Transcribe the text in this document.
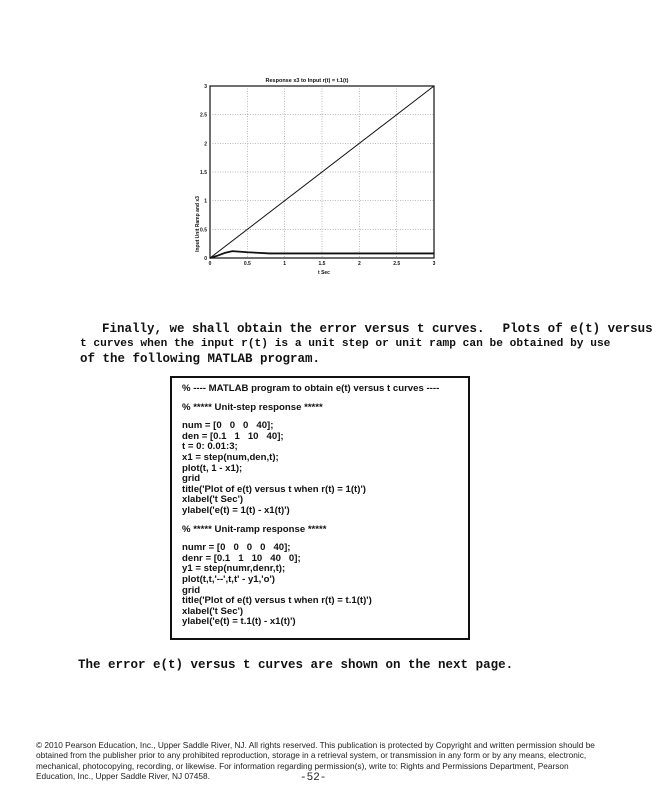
Response x3 to Input r(t) = t.1(t)
Input Unit Ramp and x3
t Sec
0	0.5	1	1.5	2	2.5	3
0
0.5
1
1.5
2
2.5
3
Finally, we shall obtain the error versus t curves. Plots of e(t) versus
t curves when the input r(t) is a unit step or unit ramp can be obtained by use
of the following MATLAB program.
% ---- MATLAB program to obtain e(t) versus t curves ----
% ***** Unit-step response *****
num = [0   0   0   40];
den = [0.1   1   10   40];
t = 0: 0.01:3;
x1 = step(num,den,t);
plot(t, 1 - x1);
grid
title('Plot of e(t) versus t when r(t) = 1(t)')
xlabel('t Sec')
ylabel('e(t) = 1(t) - x1(t)')
% ***** Unit-ramp response *****
numr = [0   0   0   0   40];
denr = [0.1   1   10   40   0];
y1 = step(numr,denr,t);
plot(t,t,'--',t,t' - y1,'o')
grid
title('Plot of e(t) versus t when r(t) = t.1(t)')
xlabel('t Sec')
ylabel('e(t) = t.1(t) - x1(t)')
The error e(t) versus t curves are shown on the next page.
© 2010 Pearson Education, Inc., Upper Saddle River, NJ. All rights reserved. This publication is protected by Copyright and written permission should be obtained from the publisher prior to any prohibited reproduction, storage in a retrieval system, or transmission in any form or by any means, electronic, mechanical, photocopying, recording, or likewise. For information regarding permission(s), write to: Rights and Permissions Department, Pearson Education, Inc., Upper Saddle River, NJ 07458.	-52-
